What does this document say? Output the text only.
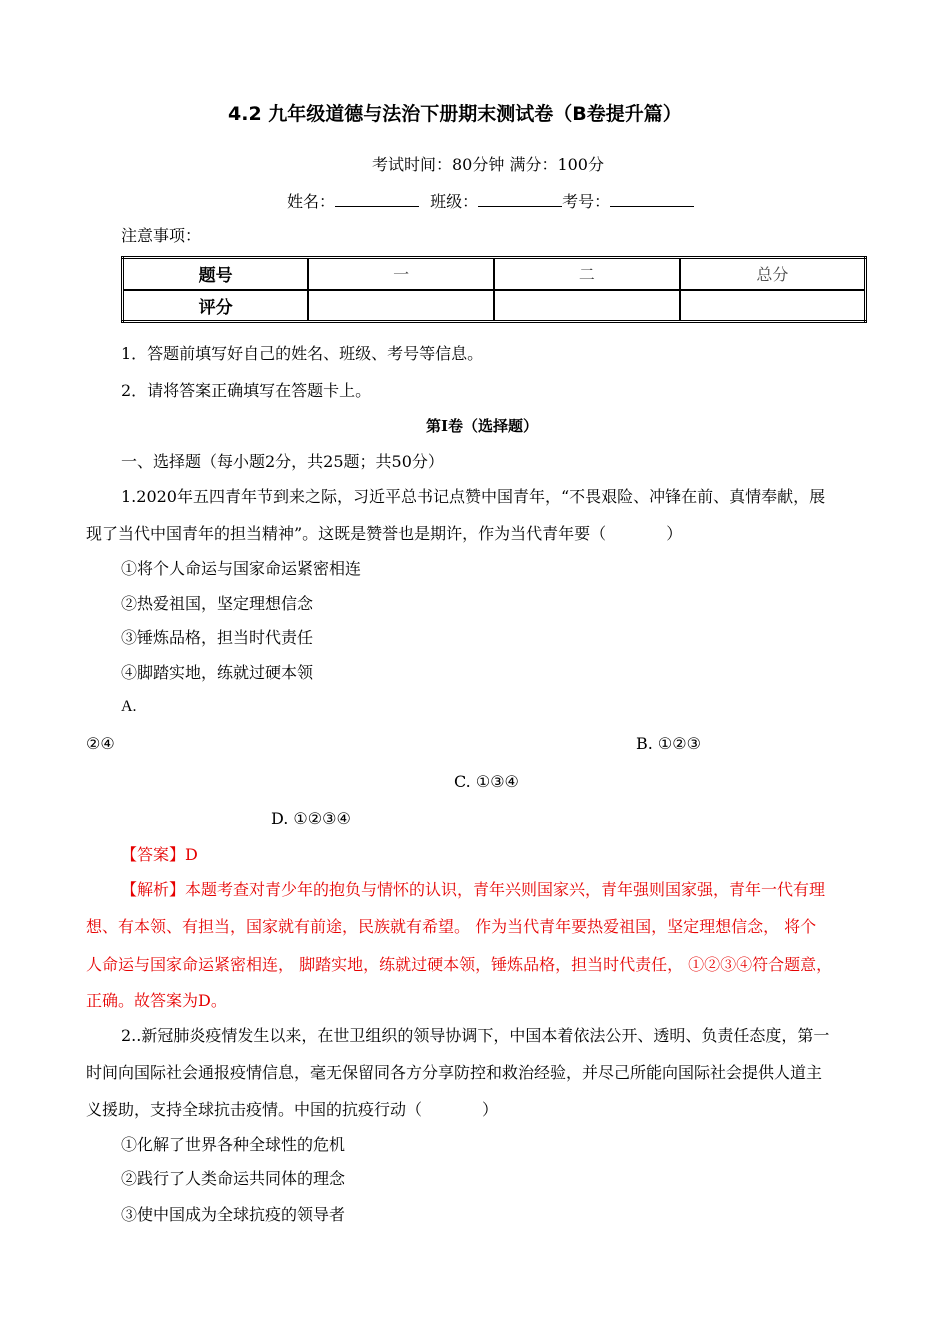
4.2 九年级道德与法治下册期末测试卷（B卷提升篇）
考试时间：80分钟 满分：100分
姓名：	班级：	考号：
注意事项：
题号	一	二	总分
评分			
1．答题前填写好自己的姓名、班级、考号等信息。
2．请将答案正确填写在答题卡上。
第I卷（选择题）
一、选择题（每小题2分，共25题；共50分）
1.2020年五四青年节到来之际，习近平总书记点赞中国青年，“不畏艰险、冲锋在前、真情奉献，展
现了当代中国青年的担当精神”。这既是赞誉也是期许，作为当代青年要（	）
①将个人命运与国家命运紧密相连
②热爱祖国，坚定理想信念
③锤炼品格，担当时代责任
④脚踏实地，练就过硬本领
A.
②④	B. ①②③
C. ①③④
D. ①②③④
【答案】D
【解析】本题考查对青少年的抱负与情怀的认识，青年兴则国家兴，青年强则国家强，青年一代有理
想、有本领、有担当，国家就有前途，民族就有希望。 作为当代青年要热爱祖国，坚定理想信念， 将个
人命运与国家命运紧密相连， 脚踏实地，练就过硬本领，锤炼品格，担当时代责任， ①②③④符合题意，
正确。故答案为D。
2..新冠肺炎疫情发生以来，在世卫组织的领导协调下，中国本着依法公开、透明、负责任态度，第一
时间向国际社会通报疫情信息，毫无保留同各方分享防控和救治经验，并尽己所能向国际社会提供人道主
义援助，支持全球抗击疫情。中国的抗疫行动（	）
①化解了世界各种全球性的危机
②践行了人类命运共同体的理念
③使中国成为全球抗疫的领导者
